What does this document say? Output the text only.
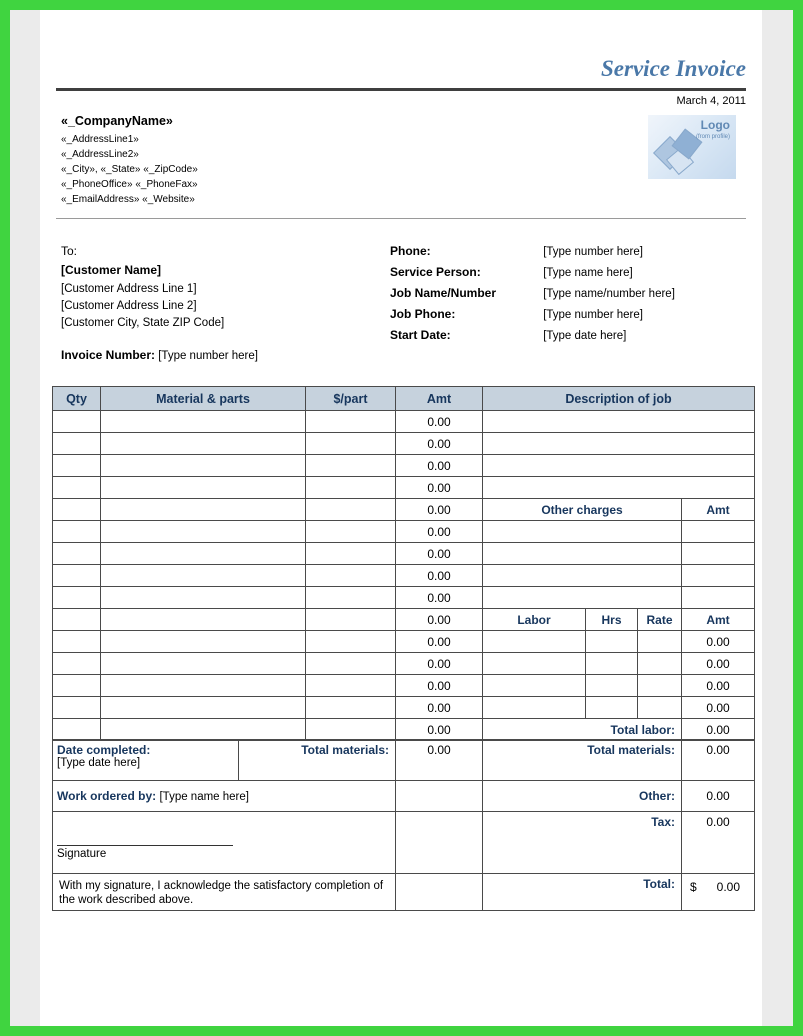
Service Invoice
March 4, 2011
«_CompanyName»
«_AddressLine1»
«_AddressLine2»
«_City», «_State» «_ZipCode»
«_PhoneOffice» «_PhoneFax»
«_EmailAddress» «_Website»
Logo
(from profile)
To:
[Customer Name]
[Customer Address Line 1]
[Customer Address Line 2]
[Customer City, State ZIP Code]
Invoice Number: [Type number here]
Phone:	[Type number here]
Service Person:	[Type name here]
Job Name/Number	[Type name/number here]
Job Phone:	[Type number here]
Start Date:	[Type date here]
Qty	Material & parts	$/part	Amt	Description of job			
			0.00				
			0.00				
			0.00				
			0.00				
			0.00	Other charges			Amt
			0.00				
			0.00				
			0.00				
			0.00				
			0.00	Labor	Hrs	Rate	Amt
			0.00				0.00
			0.00				0.00
			0.00				0.00
			0.00				0.00
			0.00	Total labor:			0.00
Date completed:
[Type date here]	Total materials:	0.00	Total materials:	0.00
Work ordered by: [Type name here]			Other:	0.00

Signature			Tax:	0.00

With my signature, I acknowledge the satisfactory completion of the work described above.			Total:	$ 0.00
